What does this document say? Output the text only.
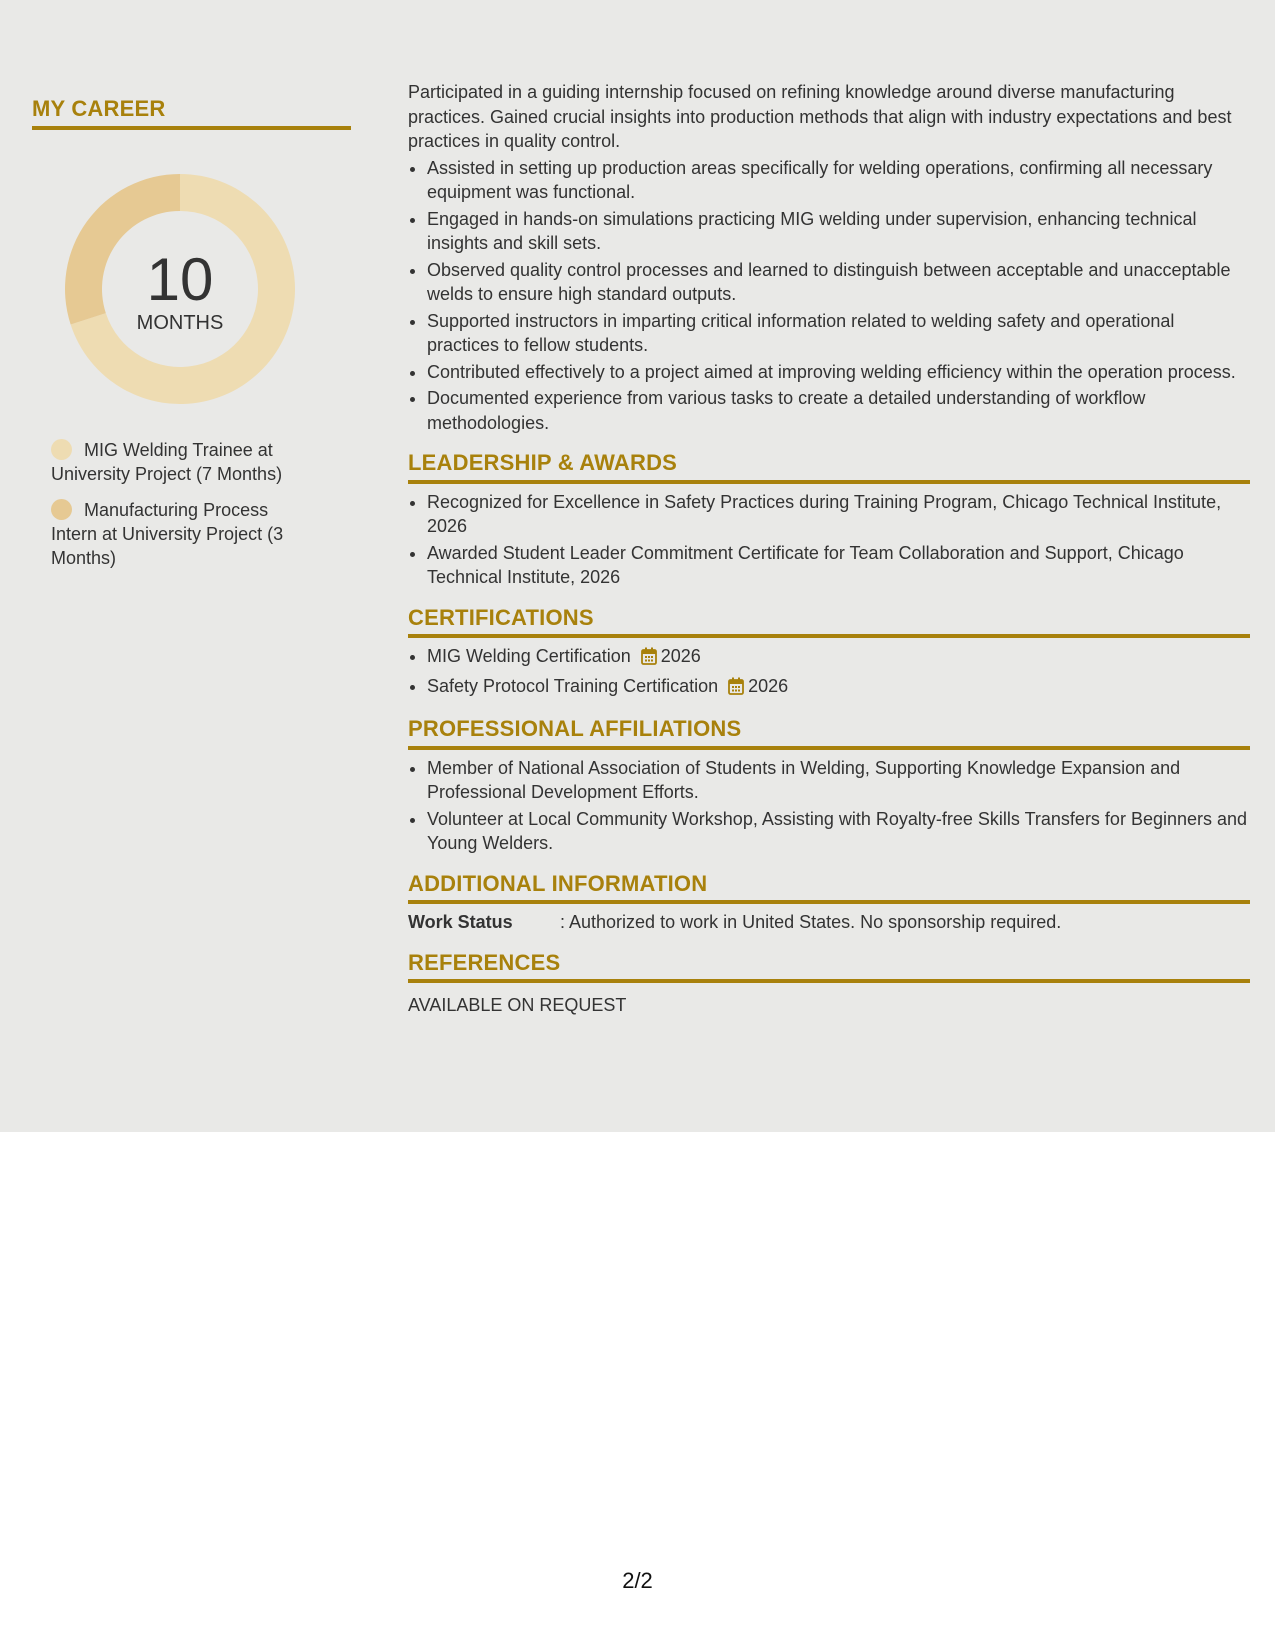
MY CAREER
10
MONTHS
MIG Welding Trainee at University Project (7 Months)
Manufacturing Process Intern at University Project (3 Months)

Participated in a guiding internship focused on refining knowledge around diverse manufacturing practices. Gained crucial insights into production methods that align with industry expectations and best practices in quality control.

• Assisted in setting up production areas specifically for welding operations, confirming all necessary equipment was functional.
• Engaged in hands-on simulations practicing MIG welding under supervision, enhancing technical insights and skill sets.
• Observed quality control processes and learned to distinguish between acceptable and unacceptable welds to ensure high standard outputs.
• Supported instructors in imparting critical information related to welding safety and operational practices to fellow students.
• Contributed effectively to a project aimed at improving welding efficiency within the operation process.
• Documented experience from various tasks to create a detailed understanding of workflow methodologies.
LEADERSHIP & AWARDS
• Recognized for Excellence in Safety Practices during Training Program, Chicago Technical Institute, 2026
• Awarded Student Leader Commitment Certificate for Team Collaboration and Support, Chicago Technical Institute, 2026
CERTIFICATIONS
• MIG Welding Certification 2026
• Safety Protocol Training Certification 2026
PROFESSIONAL AFFILIATIONS
• Member of National Association of Students in Welding, Supporting Knowledge Expansion and Professional Development Efforts.
• Volunteer at Local Community Workshop, Assisting with Royalty-free Skills Transfers for Beginners and Young Welders.
ADDITIONAL INFORMATION
Work Status	: Authorized to work in United States. No sponsorship required.
REFERENCES
AVAILABLE ON REQUEST
2/2
